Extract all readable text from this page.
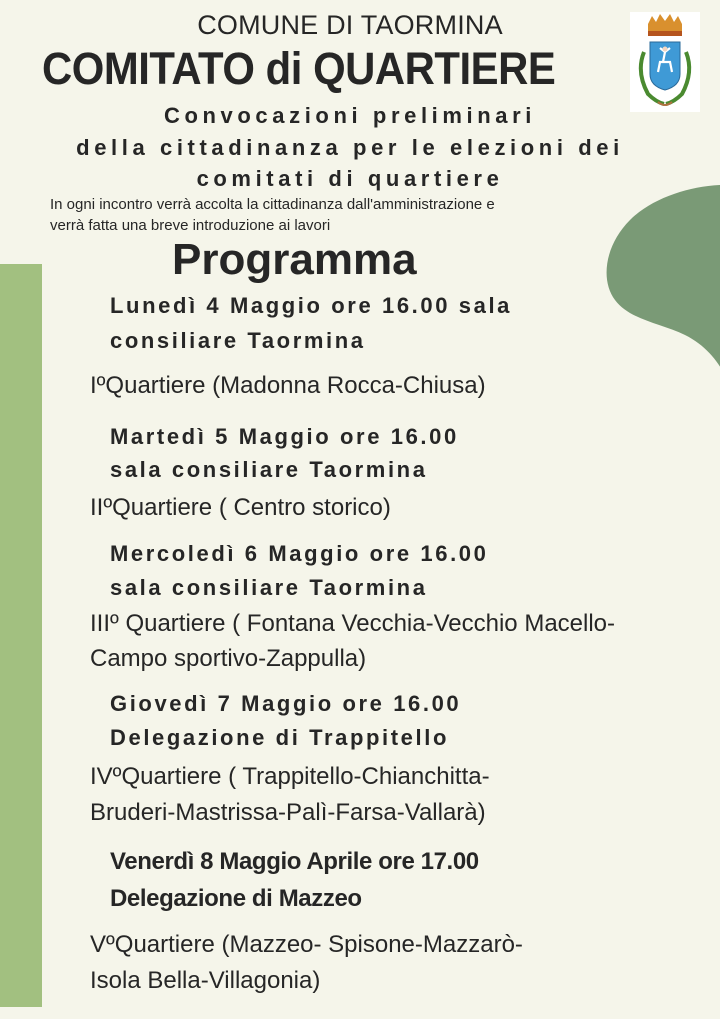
COMUNE DI TAORMINA
COMITATO di QUARTIERE
Convocazioni preliminari
della cittadinanza per le elezioni dei
comitati di quartiere
In ogni incontro verrà accolta la cittadinanza dall'amministrazione e
verrà fatta una breve introduzione ai lavori
Programma
Lunedì 4 Maggio ore 16.00 sala
consiliare Taormina
IºQuartiere (Madonna Rocca-Chiusa)
Martedì 5 Maggio ore 16.00
sala consiliare Taormina
IIºQuartiere ( Centro storico)
Mercoledì 6 Maggio ore 16.00
sala consiliare Taormina
IIIº Quartiere ( Fontana Vecchia-Vecchio Macello-
Campo sportivo-Zappulla)
Giovedì 7 Maggio ore 16.00
Delegazione di Trappitello
IVºQuartiere ( Trappitello-Chianchitta-
Bruderi-Mastrissa-Palì-Farsa-Vallarà)
Venerdì 8 Maggio Aprile ore 17.00
Delegazione di Mazzeo
VºQuartiere (Mazzeo- Spisone-Mazzarò-
Isola Bella-Villagonia)
